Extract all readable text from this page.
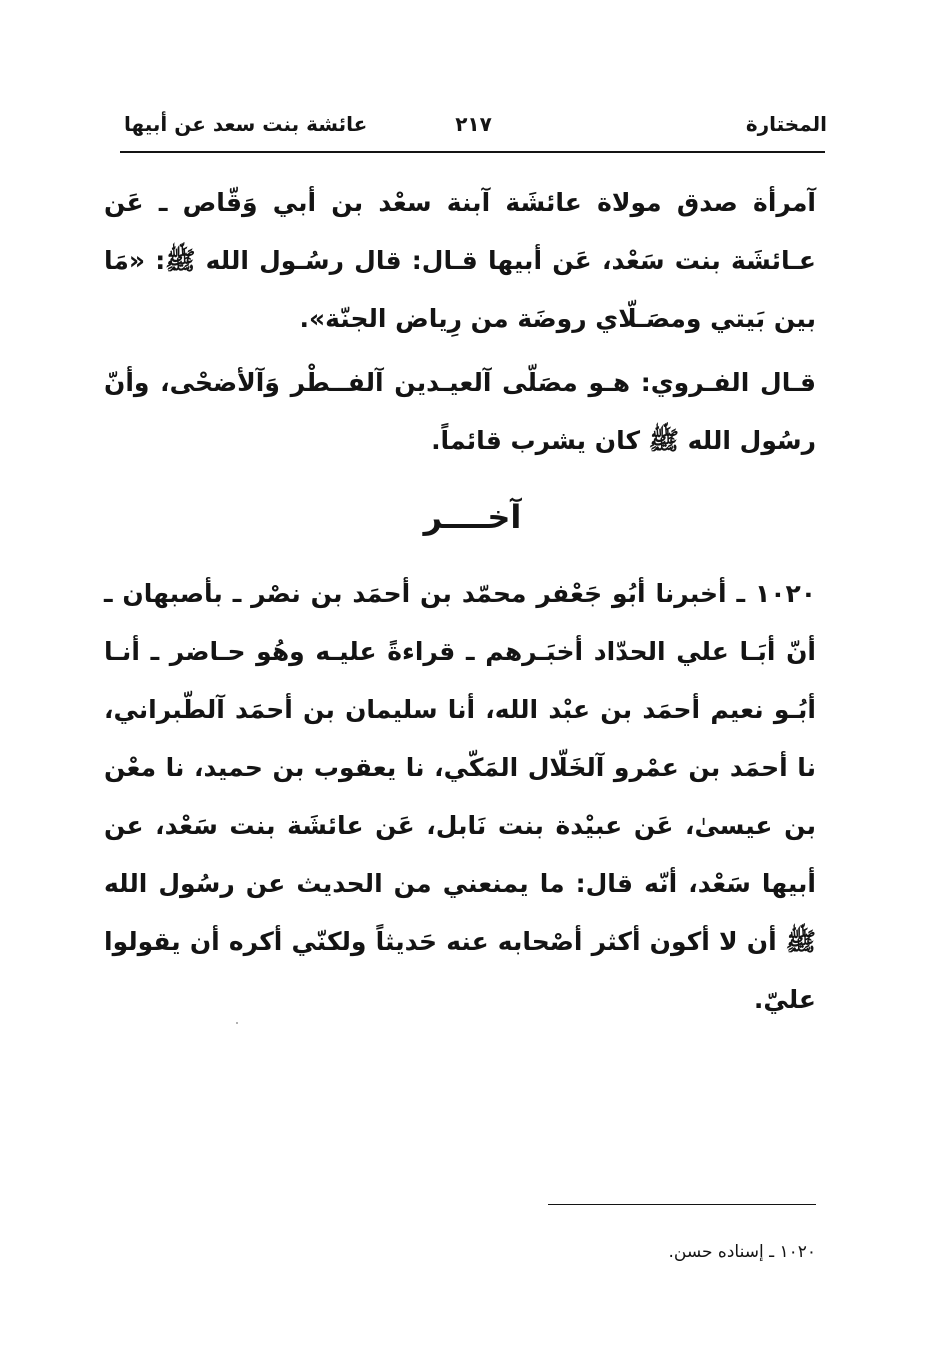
المختارة
٢١٧
عائشة بنت سعد عن أبيها
آمرأة صدق مولاة عائشَة آبنة سعْد بن أبي وَقّاص ـ عَن عـائشَة بنت سَعْد، عَن أبيها قـال: قال رسُـول الله ﷺ: «مَا بين بَيتي ومصَـلّاي روضَة من رِياض الجنّة».
قـال الفـروي: هـو مصَلّى آلعيـدين آلفــطْر وَآلأضحْى، وأنّ رسُول الله ﷺ كان يشرب قائماً.
آخــــر
١٠٢٠ ـ أخبرنا أبُو جَعْفر محمّد بن أحمَد بن نصْر ـ بأصبهان ـ أنّ أبَـا علي الحدّاد أخبَـرهم ـ قراءةً عليـه وهُو حـاضر ـ أنـا أبُـو نعيم أحمَد بن عبْد الله، أنا سليمان بن أحمَد آلطّبراني، نا أحمَد بن عمْرو آلخَلّال المَكّي، نا يعقوب بن حميد، نا معْن بن عيسىٰ، عَن عبيْدة بنت نَابل، عَن عائشَة بنت سَعْد، عن أبيها سَعْد، أنّه قال: ما يمنعني من الحديث عن رسُول الله ﷺ أن لا أكون أكثر أصْحابه عنه حَديثاً ولكنّي أكره أن يقولوا عليّ.
١٠٢٠ ـ إسناده حسن.
